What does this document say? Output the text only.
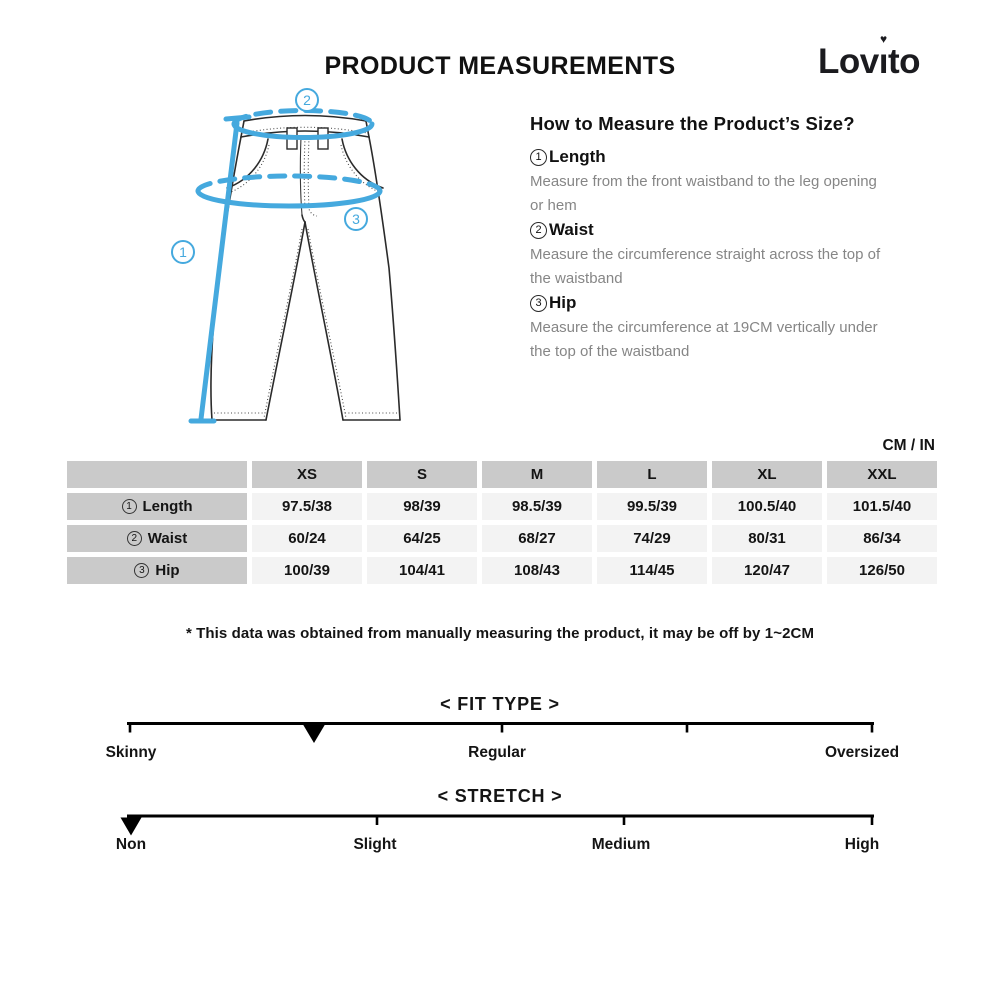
PRODUCT MEASUREMENTS	Lovı
♥
to
1
2
3
How to Measure the Product’s Size?
1 Length
Measure from the front waistband to the leg opening or hem
2 Waist
Measure the circumference straight across the top of the waistband
3 Hip
Measure the circumference at 19CM vertically under the top of the waistband
CM / IN
XS	S	M	L	XL	XXL
1 Length	97.5/38	98/39	98.5/39	99.5/39	100.5/40	101.5/40
2 Waist	60/24	64/25	68/27	74/29	80/31	86/34
3 Hip	100/39	104/41	108/43	114/45	120/47	126/50
* This data was obtained from manually measuring the product, it may be off by 1~2CM
< FIT TYPE >
< STRETCH >
Skinny	Regular	Oversized
Non	Slight	Medium	High
